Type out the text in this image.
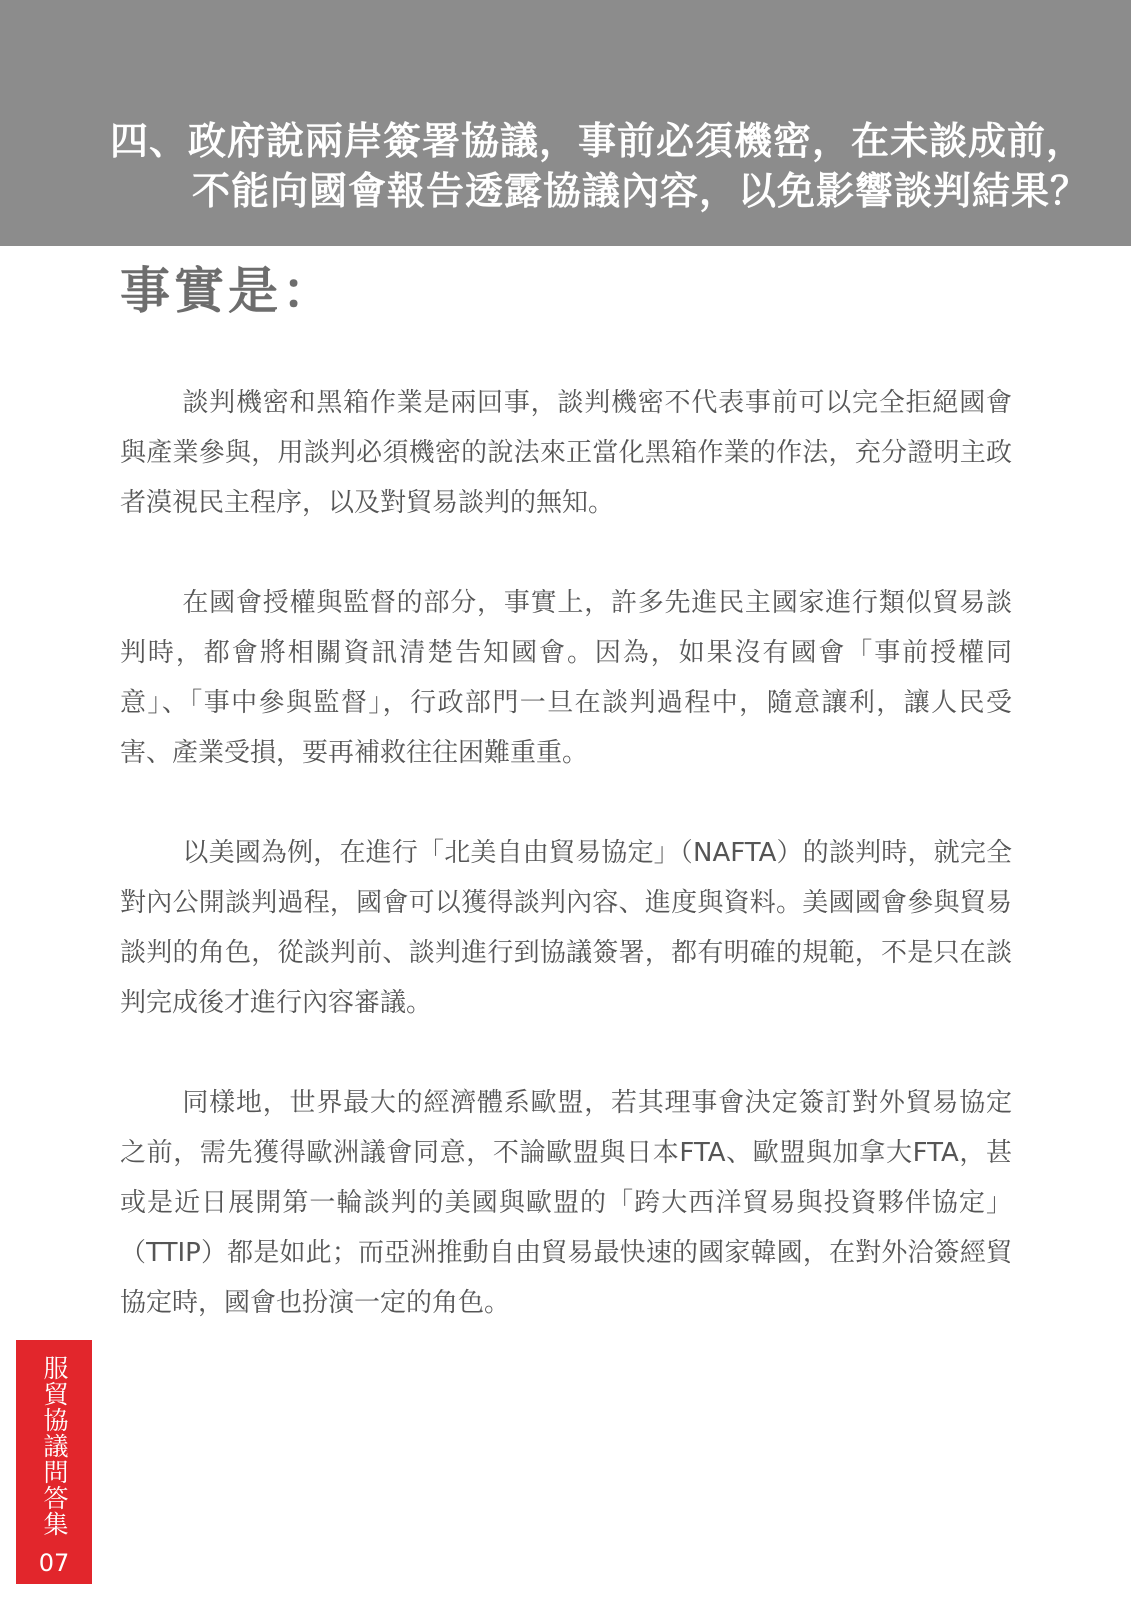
四、政府說兩岸簽署協議，事前必須機密，在未談成前，
不能向國會報告透露協議內容，以免影響談判結果？
事實是：

談判機密和黑箱作業是兩回事，談判機密不代表事前可以完全拒絕國會與產業參與，用談判必須機密的說法來正當化黑箱作業的作法，充分證明主政者漠視民主程序，以及對貿易談判的無知。

在國會授權與監督的部分，事實上，許多先進民主國家進行類似貿易談判時，都會將相關資訊清楚告知國會。因為，如果沒有國會「事前授權同意」、「事中參與監督」，行政部門一旦在談判過程中，隨意讓利，讓人民受害、產業受損，要再補救往往困難重重。

以美國為例，在進行「北美自由貿易協定」（NAFTA）的談判時，就完全對內公開談判過程，國會可以獲得談判內容、進度與資料。美國國會參與貿易談判的角色，從談判前、談判進行到協議簽署，都有明確的規範，不是只在談判完成後才進行內容審議。

同樣地，世界最大的經濟體系歐盟，若其理事會決定簽訂對外貿易協定之前，需先獲得歐洲議會同意，不論歐盟與日本FTA、歐盟與加拿大FTA，甚或是近日展開第一輪談判的美國與歐盟的「跨大西洋貿易與投資夥伴協定」（TTIP）都是如此；而亞洲推動自由貿易最快速的國家韓國，在對外洽簽經貿協定時，國會也扮演一定的角色。

服貿協議問答集
07
